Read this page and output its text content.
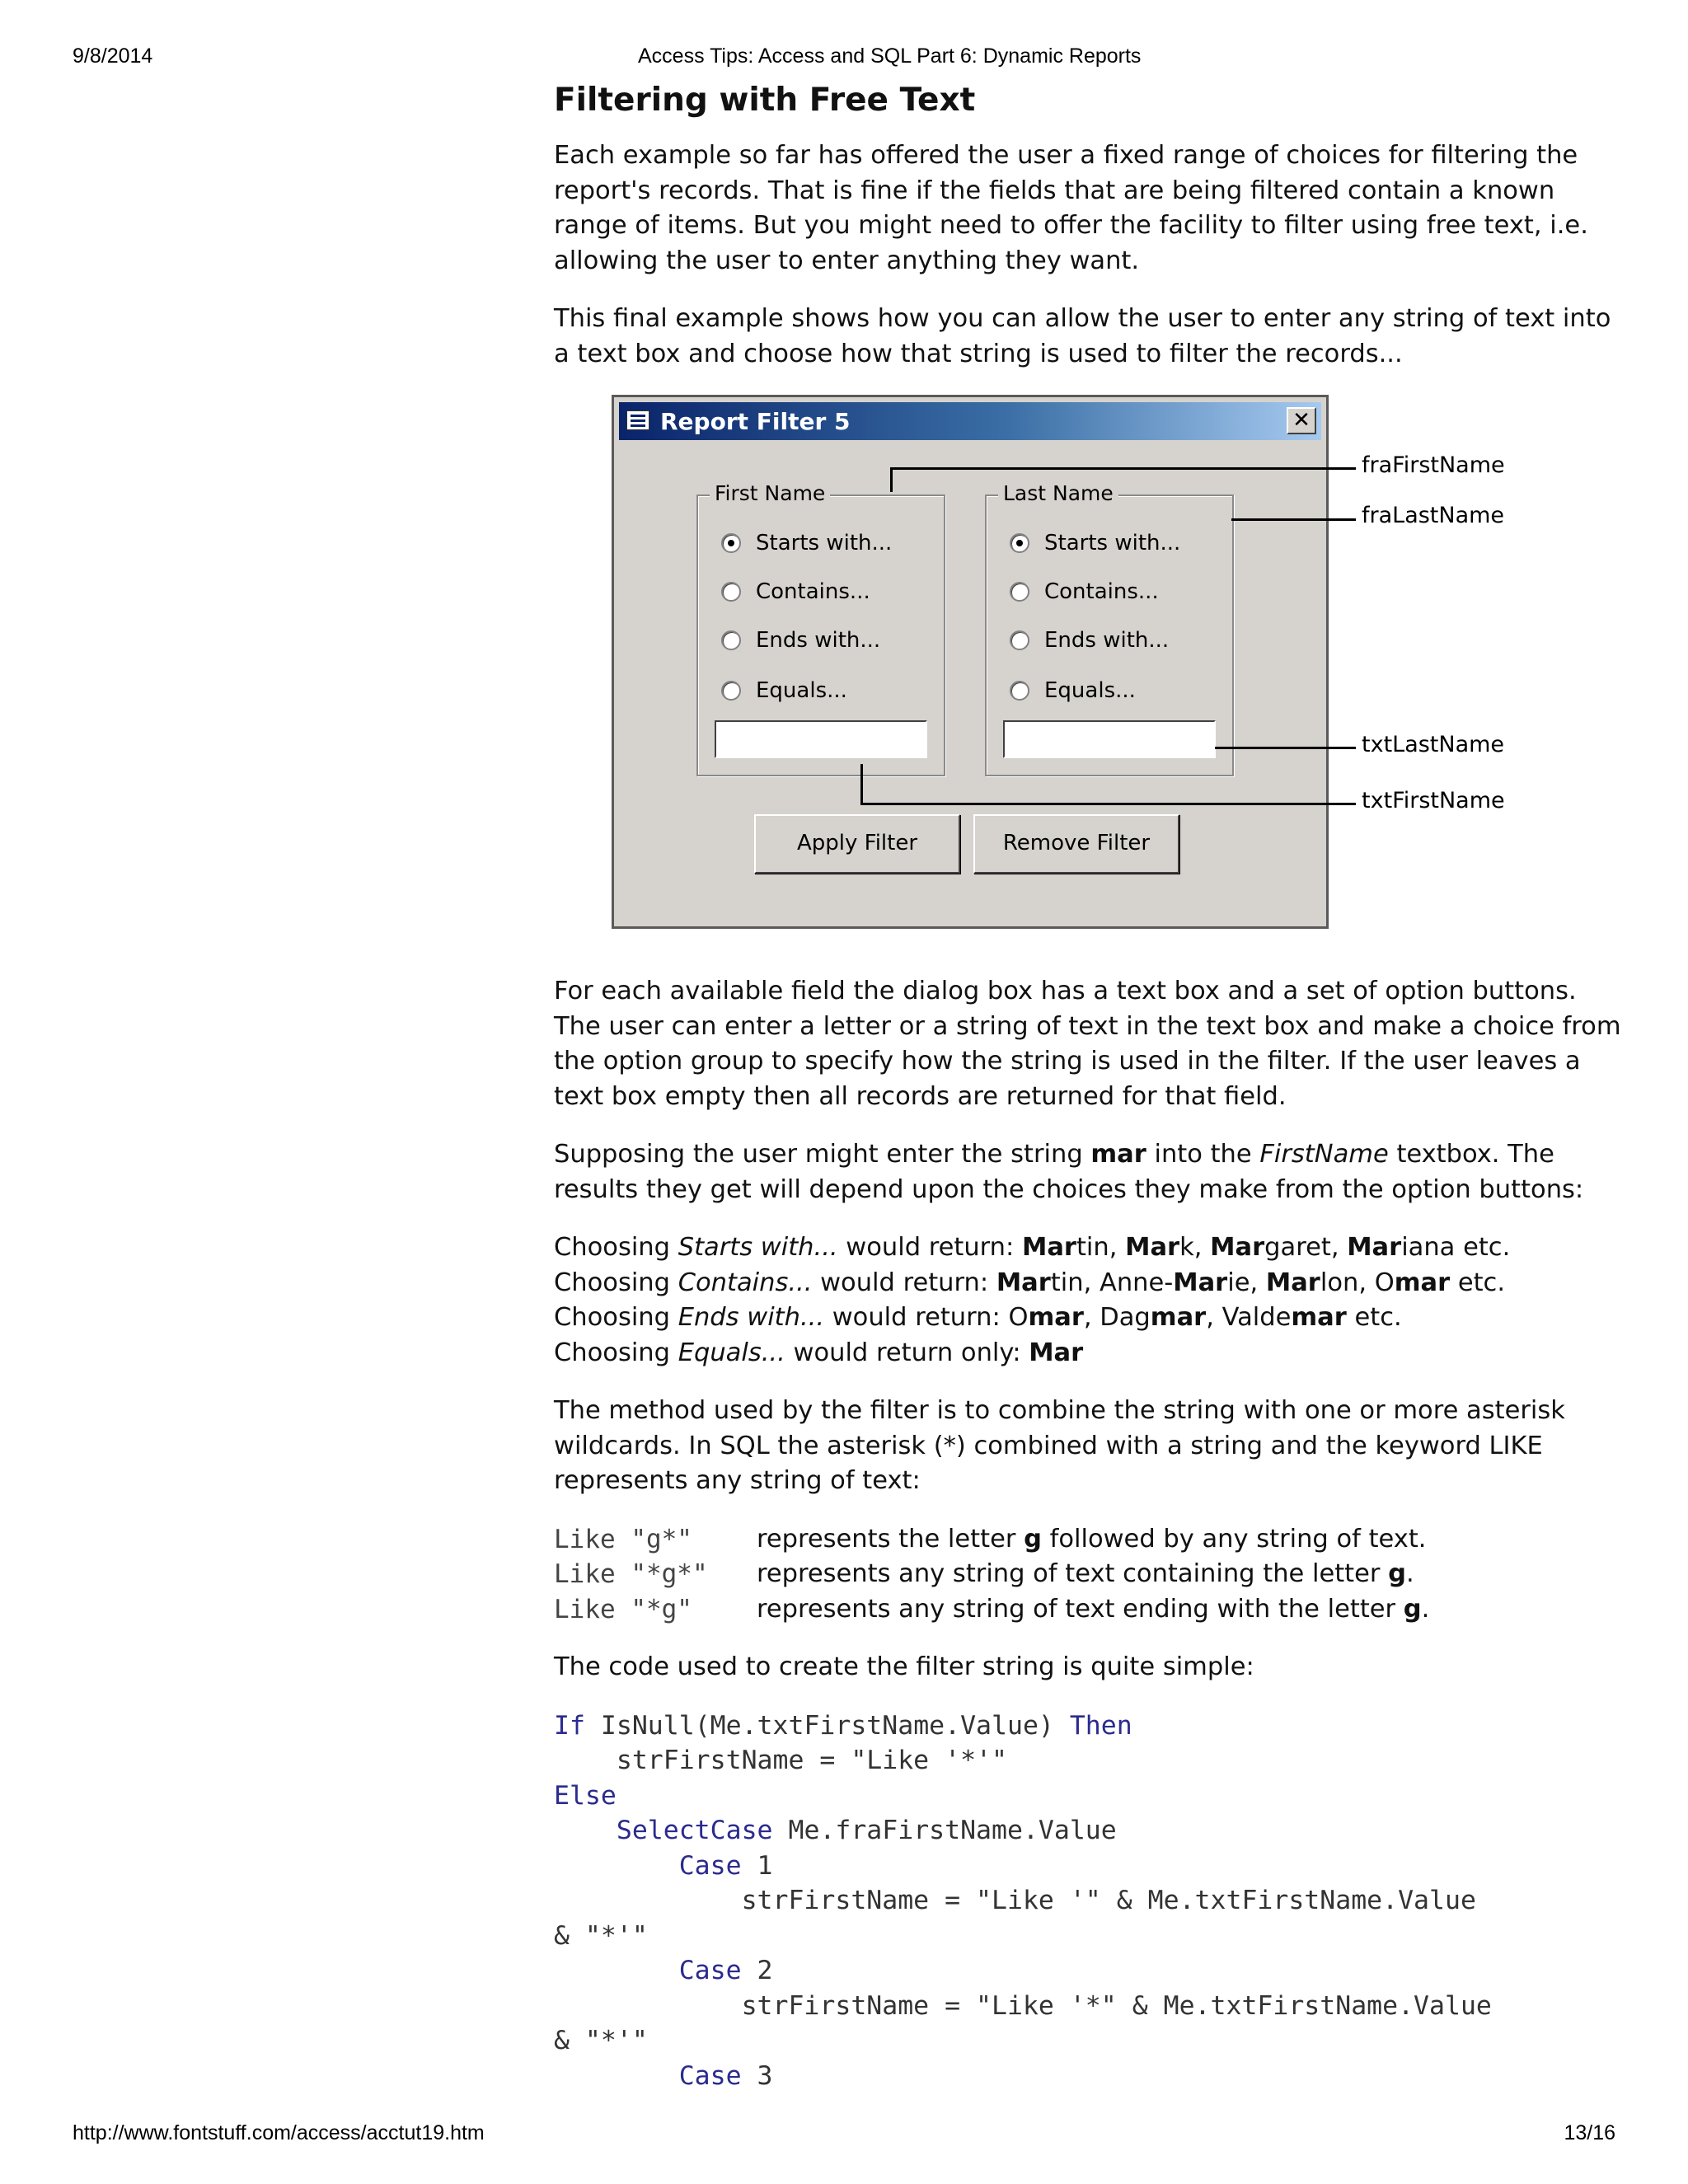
9/8/2014	Access Tips: Access and SQL Part 6: Dynamic Reports
Filtering with Free Text

Each example so far has offered the user a fixed range of choices for filtering the report's records. That is fine if the fields that are being filtered contain a known range of items. But you might need to offer the facility to filter using free text, i.e. allowing the user to enter anything they want.

This final example shows how you can allow the user to enter any string of text into a text box and choose how that string is used to filter the records...

Report Filter 5	✕
First Name
Starts with...
Contains...
Ends with...
Equals...
Last Name
Starts with...
Contains...
Ends with...
Equals...
Apply Filter	Remove Filter
fraFirstName
fraLastName
txtLastName
txtFirstName

For each available field the dialog box has a text box and a set of option buttons. The user can enter a letter or a string of text in the text box and make a choice from the option group to specify how the string is used in the filter. If the user leaves a text box empty then all records are returned for that field.

Supposing the user might enter the string mar into the FirstName textbox. The results they get will depend upon the choices they make from the option buttons:

Choosing Starts with... would return: Martin, Mark, Margaret, Mariana etc.
Choosing Contains... would return: Martin, Anne-Marie, Marlon, Omar etc.
Choosing Ends with... would return: Omar, Dagmar, Valdemar etc.
Choosing Equals... would return only: Mar

The method used by the filter is to combine the string with one or more asterisk wildcards. In SQL the asterisk (*) combined with a string and the keyword LIKE represents any string of text:

Like "g*"	represents the letter g followed by any string of text.
Like "*g*"	represents any string of text containing the letter g.
Like "*g"	represents any string of text ending with the letter g.

The code used to create the filter string is quite simple:

If IsNull(Me.txtFirstName.Value) Then
strFirstName = "Like '*'"
Else
SelectCase Me.fraFirstName.Value
Case 1
strFirstName = "Like '" & Me.txtFirstName.Value
& "*'"
Case 2
strFirstName = "Like '*" & Me.txtFirstName.Value
& "*'"
Case 3
http://www.fontstuff.com/access/acctut19.htm	13/16
